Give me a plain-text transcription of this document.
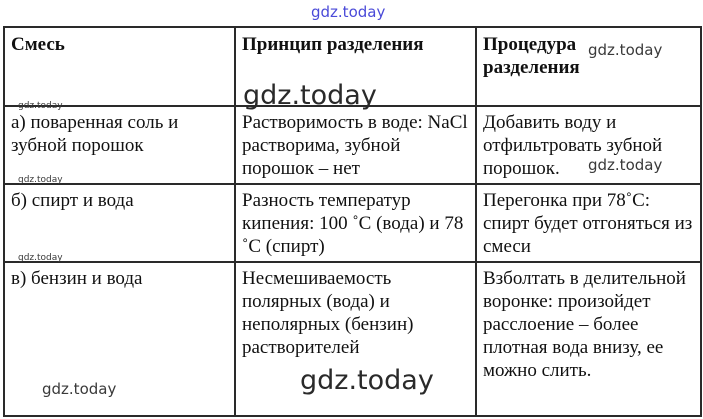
Смесь	Принцип разделения	Процедура
разделения
а) поваренная соль и зубной порошок	Растворимость в воде: NaCl растворима, зубной порошок – нет	Добавить воду и отфильтровать зубной порошок.
б) спирт и вода	Разность температур кипения: 100 ˚С (вода) и 78 ˚С (спирт)	Перегонка при 78˚С: спирт будет отгоняться из смеси
в) бензин и вода	Несмешиваемость полярных (вода) и неполярных (бензин) растворителей	Взболтать в делительной воронке: произойдет расслоение – более плотная вода внизу, ее можно слить.
gdz.today
gdz.today
gdz.today
gdz.today
gdz.today
gdz.today
gdz.today
gdz.today
gdz.today
